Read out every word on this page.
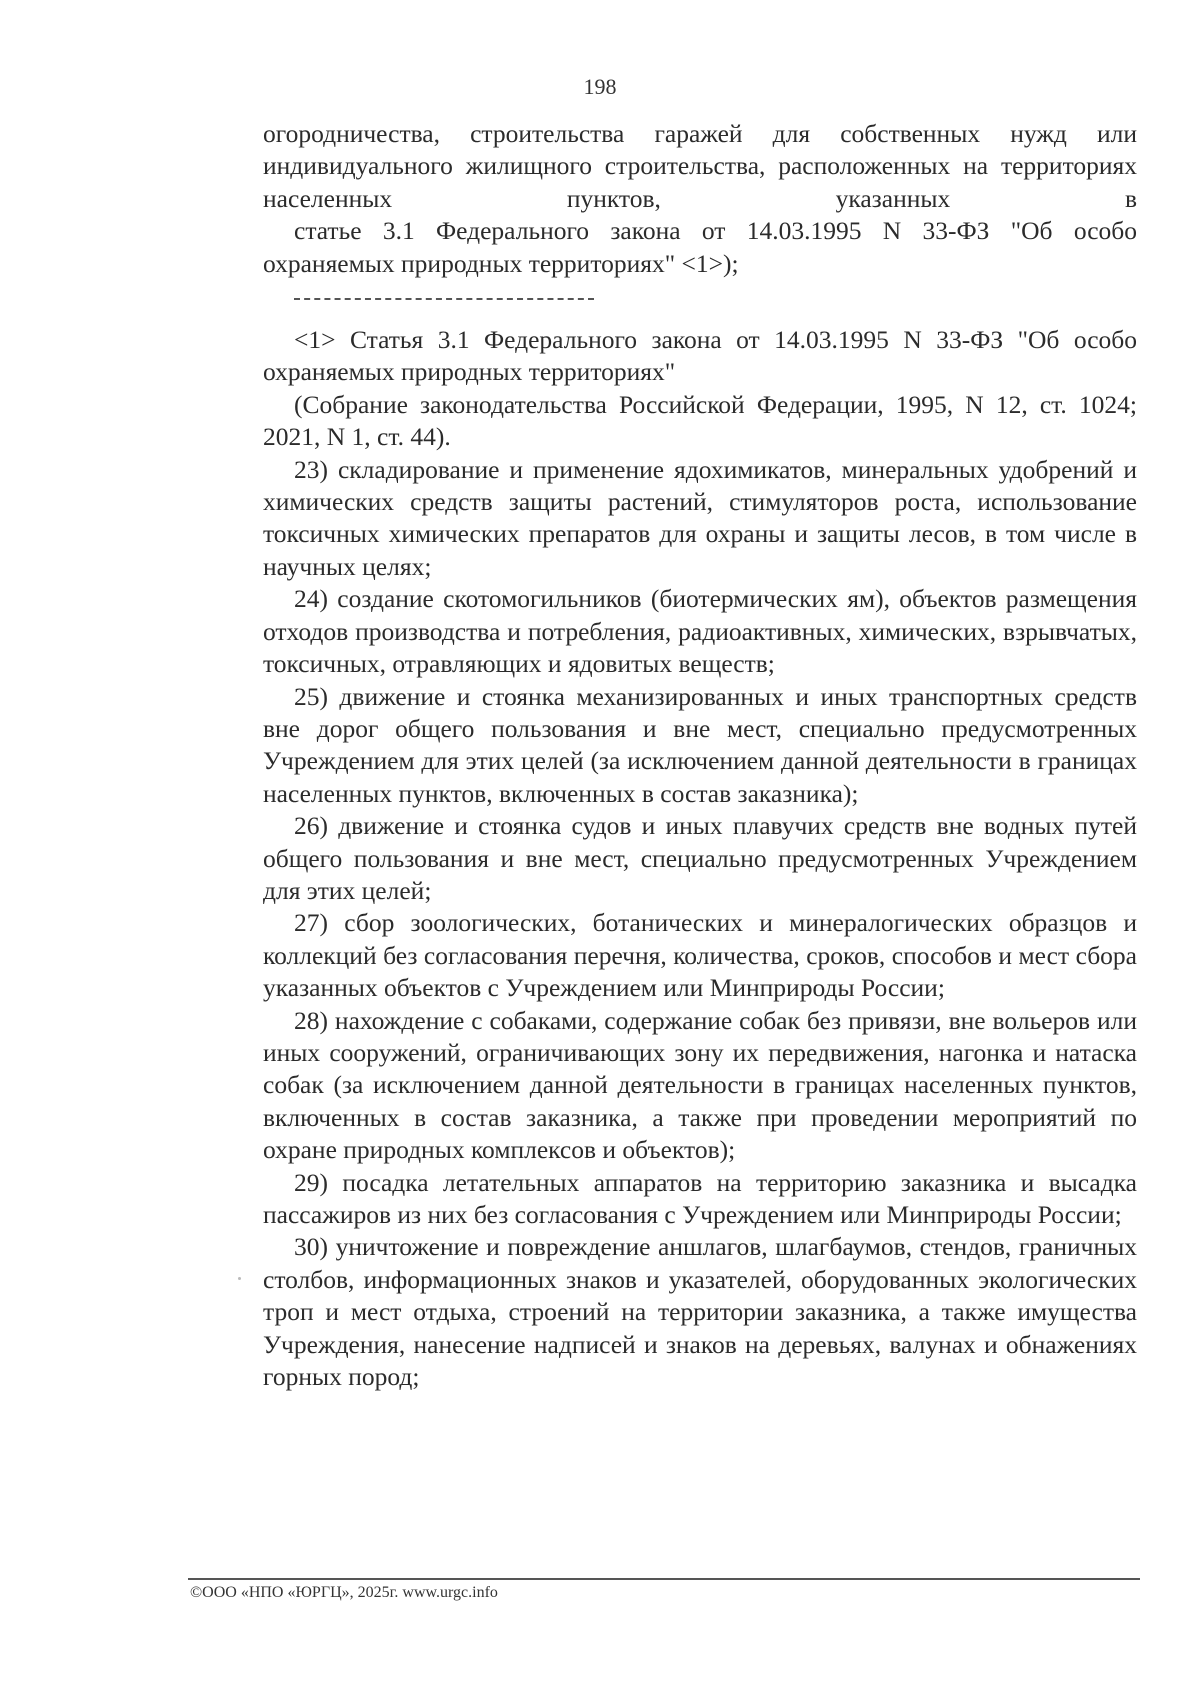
198

огородничества, строительства гаражей для собственных нужд или индивидуального жилищного строительства, расположенных на территориях населенных пунктов, указанных в

статье 3.1 Федерального закона от 14.03.1995 N 33-ФЗ "Об особо охраняемых природных территориях" <1>);

<1> Статья 3.1 Федерального закона от 14.03.1995 N 33-ФЗ "Об особо охраняемых природных территориях"

(Собрание законодательства Российской Федерации, 1995, N 12, ст. 1024; 2021, N 1, ст. 44).

23) складирование и применение ядохимикатов, минеральных удобрений и химических средств защиты растений, стимуляторов роста, использование токсичных химических препаратов для охраны и защиты лесов, в том числе в научных целях;

24) создание скотомогильников (биотермических ям), объектов размещения отходов производства и потребления, радиоактивных, химических, взрывчатых, токсичных, отравляющих и ядовитых веществ;

25) движение и стоянка механизированных и иных транспортных средств вне дорог общего пользования и вне мест, специально предусмотренных Учреждением для этих целей (за исключением данной деятельности в границах населенных пунктов, включенных в состав заказника);

26) движение и стоянка судов и иных плавучих средств вне водных путей общего пользования и вне мест, специально предусмотренных Учреждением для этих целей;

27) сбор зоологических, ботанических и минералогических образцов и коллекций без согласования перечня, количества, сроков, способов и мест сбора указанных объектов с Учреждением или Минприроды России;

28) нахождение с собаками, содержание собак без привязи, вне вольеров или иных сооружений, ограничивающих зону их передвижения, нагонка и натаска собак (за исключением данной деятельности в границах населенных пунктов, включенных в состав заказника, а также при проведении мероприятий по охране природных комплексов и объектов);

29) посадка летательных аппаратов на территорию заказника и высадка пассажиров из них без согласования с Учреждением или Минприроды России;

30) уничтожение и повреждение аншлагов, шлагбаумов, стендов, граничных столбов, информационных знаков и указателей, оборудованных экологических троп и мест отдыха, строений на территории заказника, а также имущества Учреждения, нанесение надписей и знаков на деревьях, валунах и обнажениях горных пород;

©ООО «НПО «ЮРГЦ», 2025г. www.urgc.info
